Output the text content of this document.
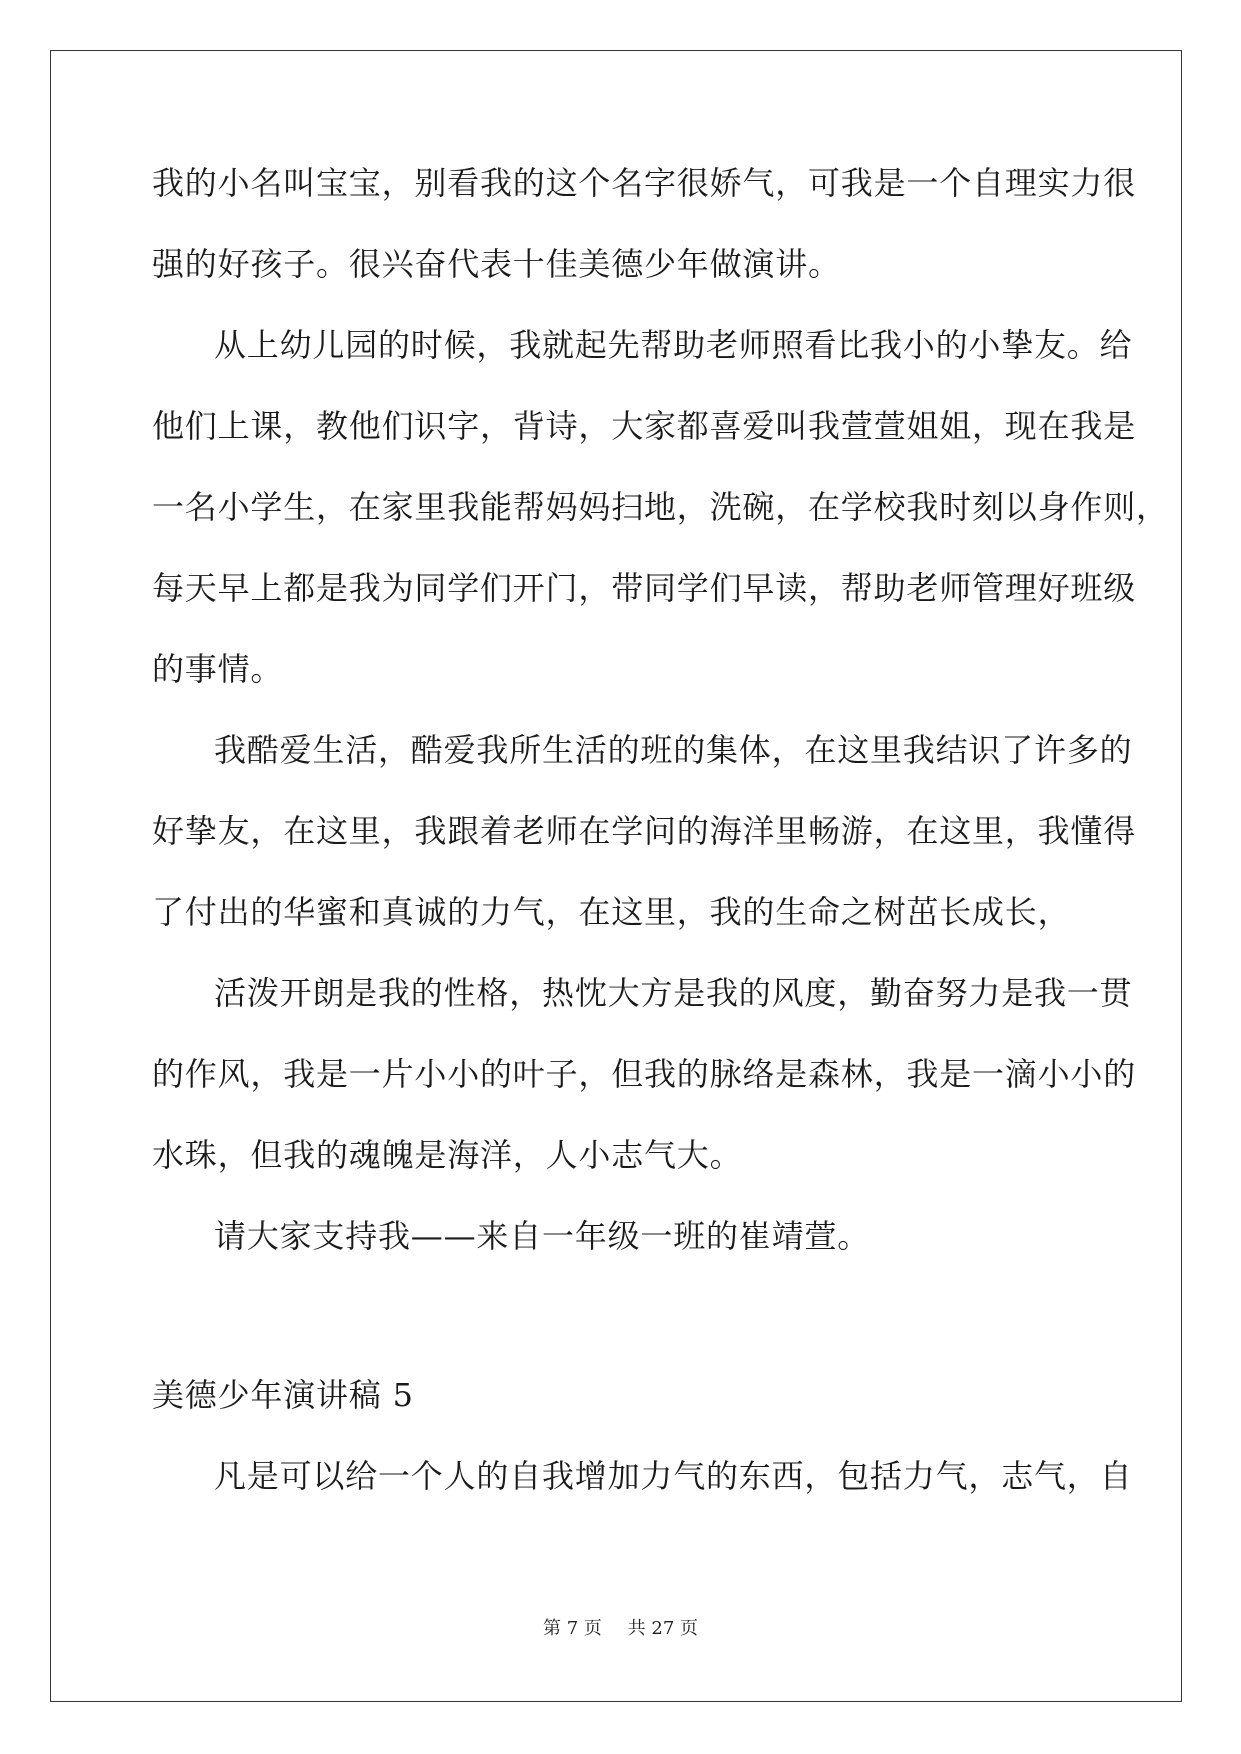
我的小名叫宝宝，别看我的这个名字很娇气，可我是一个自理实力很
强的好孩子。很兴奋代表十佳美德少年做演讲。
从上幼儿园的时候，我就起先帮助老师照看比我小的小挚友。给
他们上课，教他们识字，背诗，大家都喜爱叫我萱萱姐姐，现在我是
一名小学生，在家里我能帮妈妈扫地，洗碗，在学校我时刻以身作则，
每天早上都是我为同学们开门，带同学们早读，帮助老师管理好班级
的事情。
我酷爱生活，酷爱我所生活的班的集体，在这里我结识了许多的
好挚友，在这里，我跟着老师在学问的海洋里畅游，在这里，我懂得
了付出的华蜜和真诚的力气，在这里，我的生命之树茁长成长，
活泼开朗是我的性格，热忱大方是我的风度，勤奋努力是我一贯
的作风，我是一片小小的叶子，但我的脉络是森林，我是一滴小小的
水珠，但我的魂魄是海洋，人小志气大。
请大家支持我——来自一年级一班的崔靖萱。
美德少年演讲稿 5
凡是可以给一个人的自我增加力气的东西，包括力气，志气，自
第 7 页 共 27 页
